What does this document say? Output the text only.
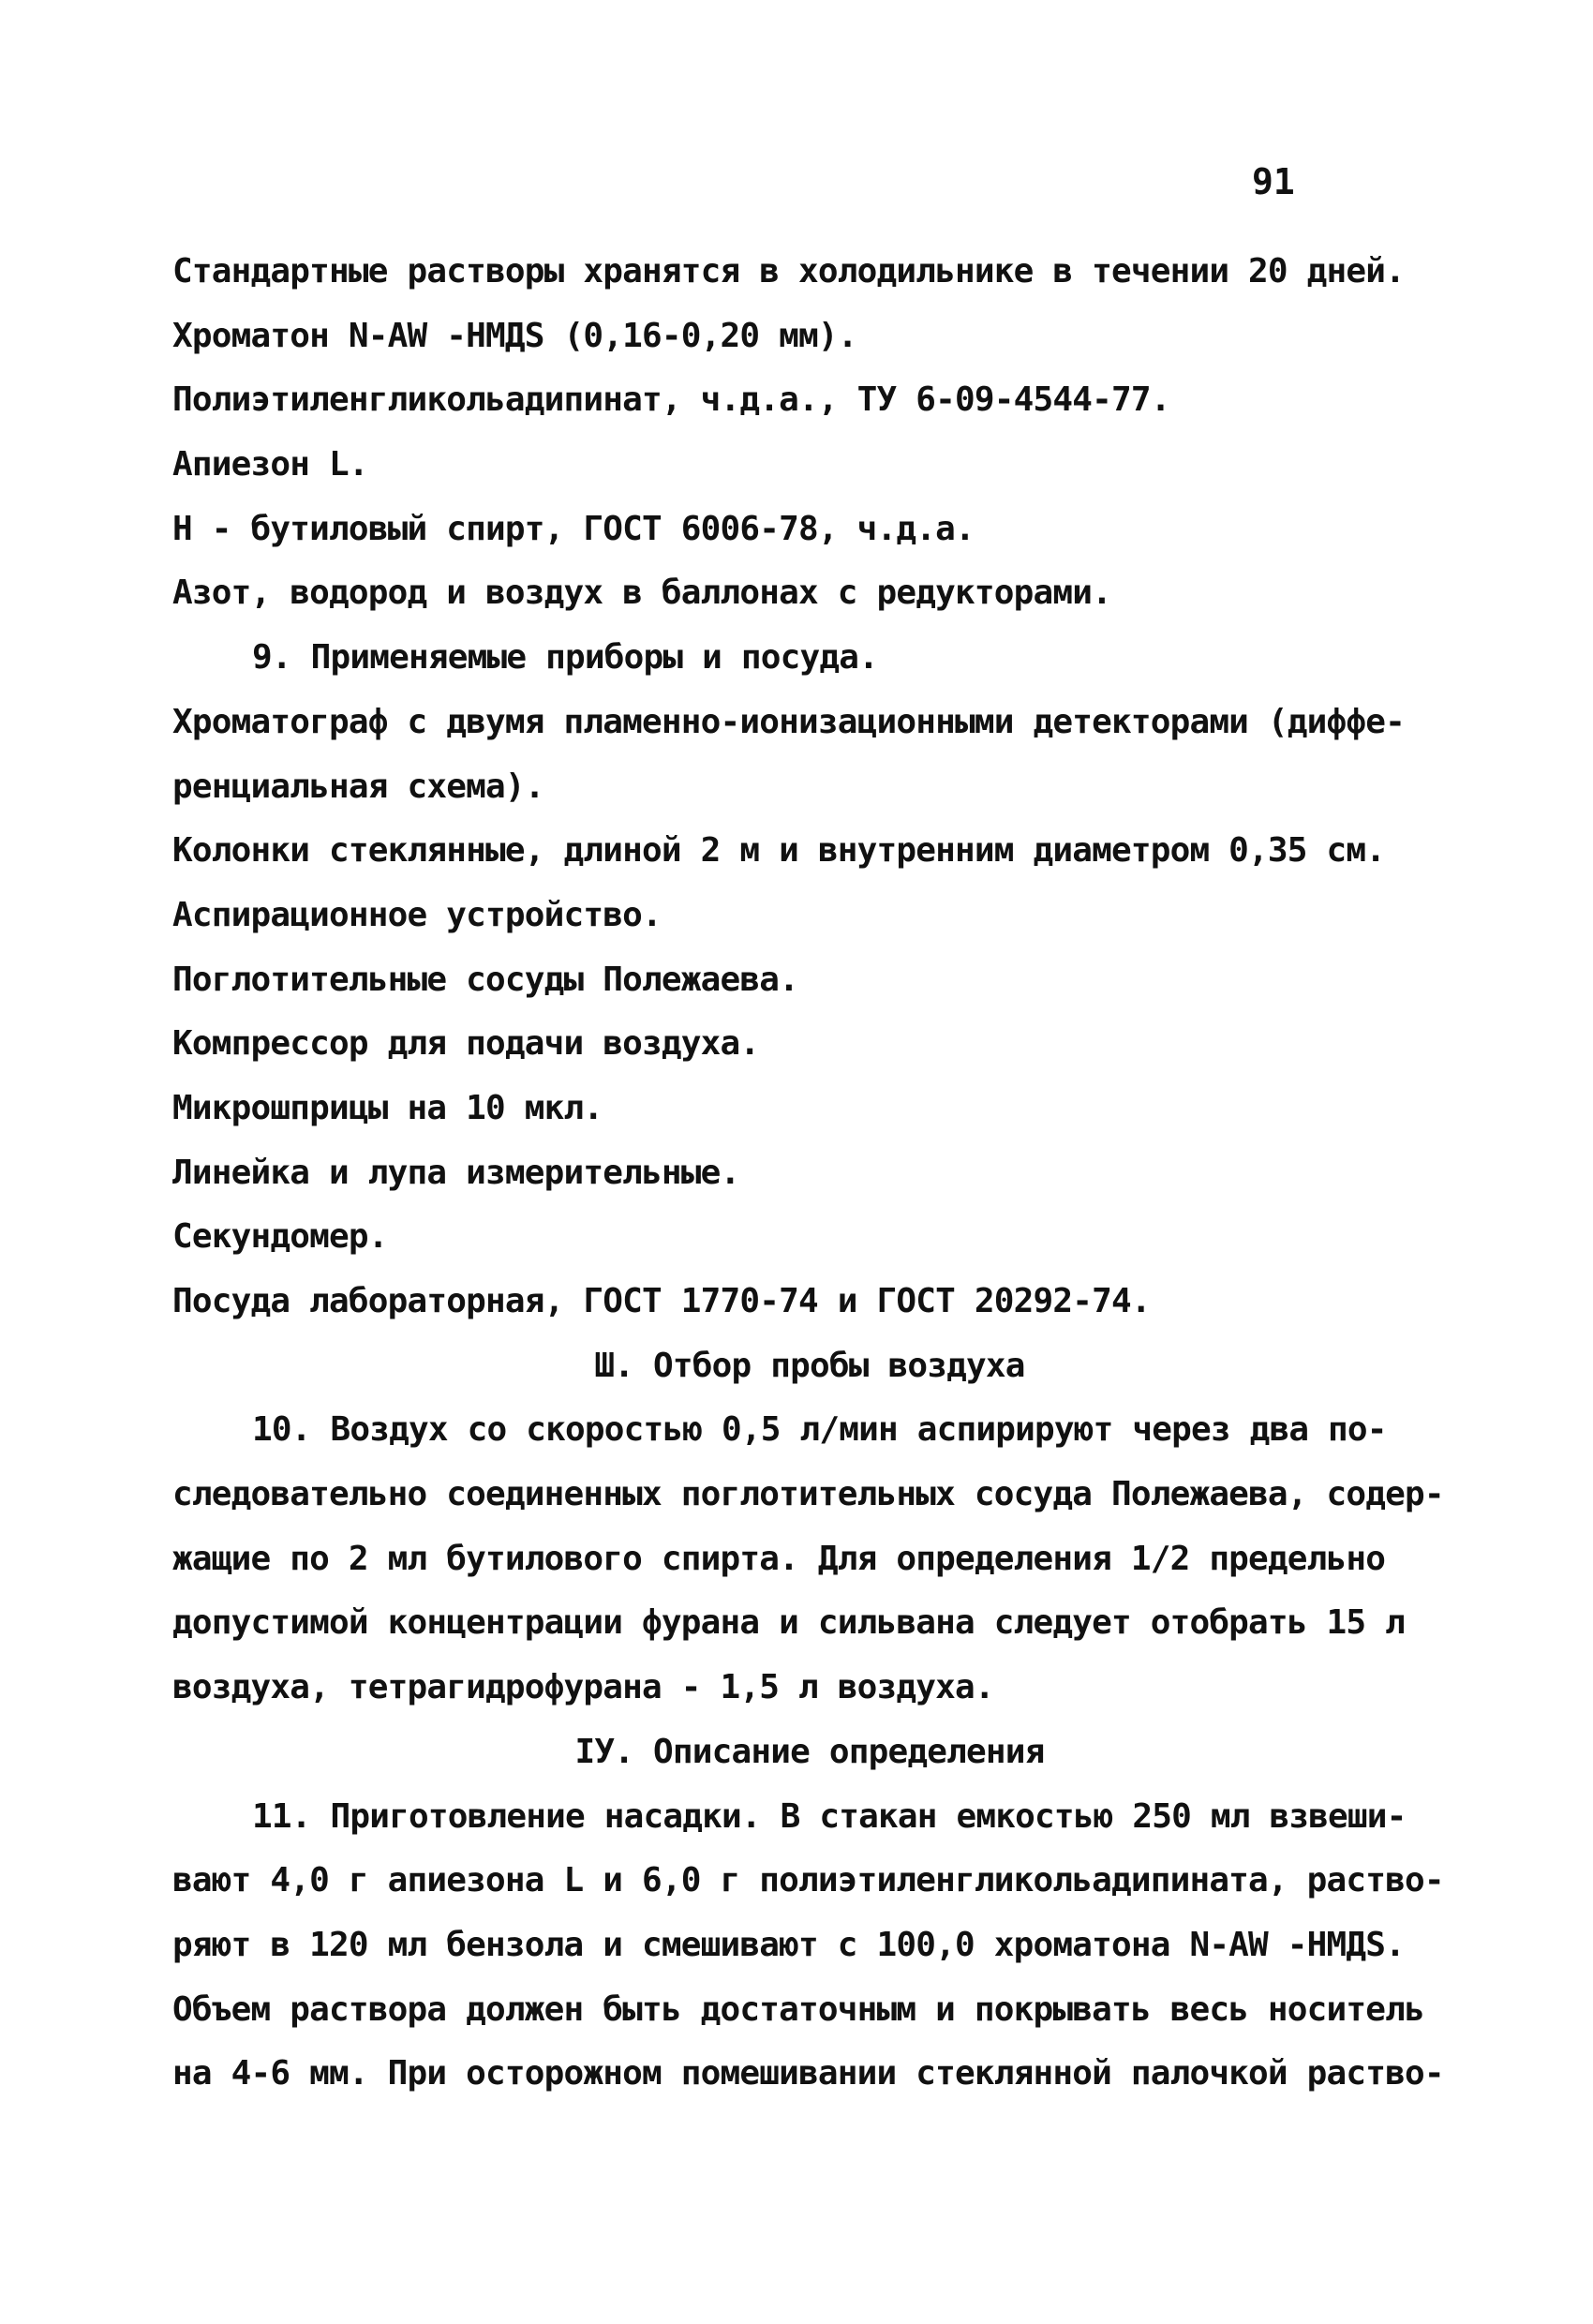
91
Стандартные растворы хранятся в холодильнике в течении 20 дней.
Хроматон N-AW -HMДS (0,16-0,20 мм).
Полиэтиленгликольадипинат, ч.д.а., ТУ 6-09-4544-77.
Апиезон L.
Н - бутиловый спирт, ГОСТ 6006-78, ч.д.а.
Азот, водород и воздух в баллонах с редукторами.
9. Применяемые приборы и посуда.
Хроматограф с двумя пламенно-ионизационными детекторами (диффе-
ренциальная схема).
Колонки стеклянные, длиной 2 м и внутренним диаметром 0,35 см.
Аспирационное устройство.
Поглотительные сосуды Полежаева.
Компрессор для подачи воздуха.
Микрошприцы на 10 мкл.
Линейка и лупа измерительные.
Секундомер.
Посуда лабораторная, ГОСТ 1770-74 и ГОСТ 20292-74.
Ш. Отбор пробы воздуха
10. Воздух со скоростью 0,5 л/мин аспирируют через два по-
следовательно соединенных поглотительных сосуда Полежаева, содер-
жащие по 2 мл бутилового спирта. Для определения 1/2 предельно
допустимой концентрации фурана и сильвана следует отобрать 15 л
воздуха, тетрагидрофурана - 1,5 л воздуха.
IУ. Описание определения
11. Приготовление насадки. В стакан емкостью 250 мл взвеши-
вают 4,0 г апиезона L и 6,0 г полиэтиленгликольадипината, раство-
ряют в 120 мл бензола и смешивают с 100,0 хроматона N-AW -HMДS.
Объем раствора должен быть достаточным и покрывать весь носитель
на 4-6 мм. При осторожном помешивании стеклянной палочкой раство-
